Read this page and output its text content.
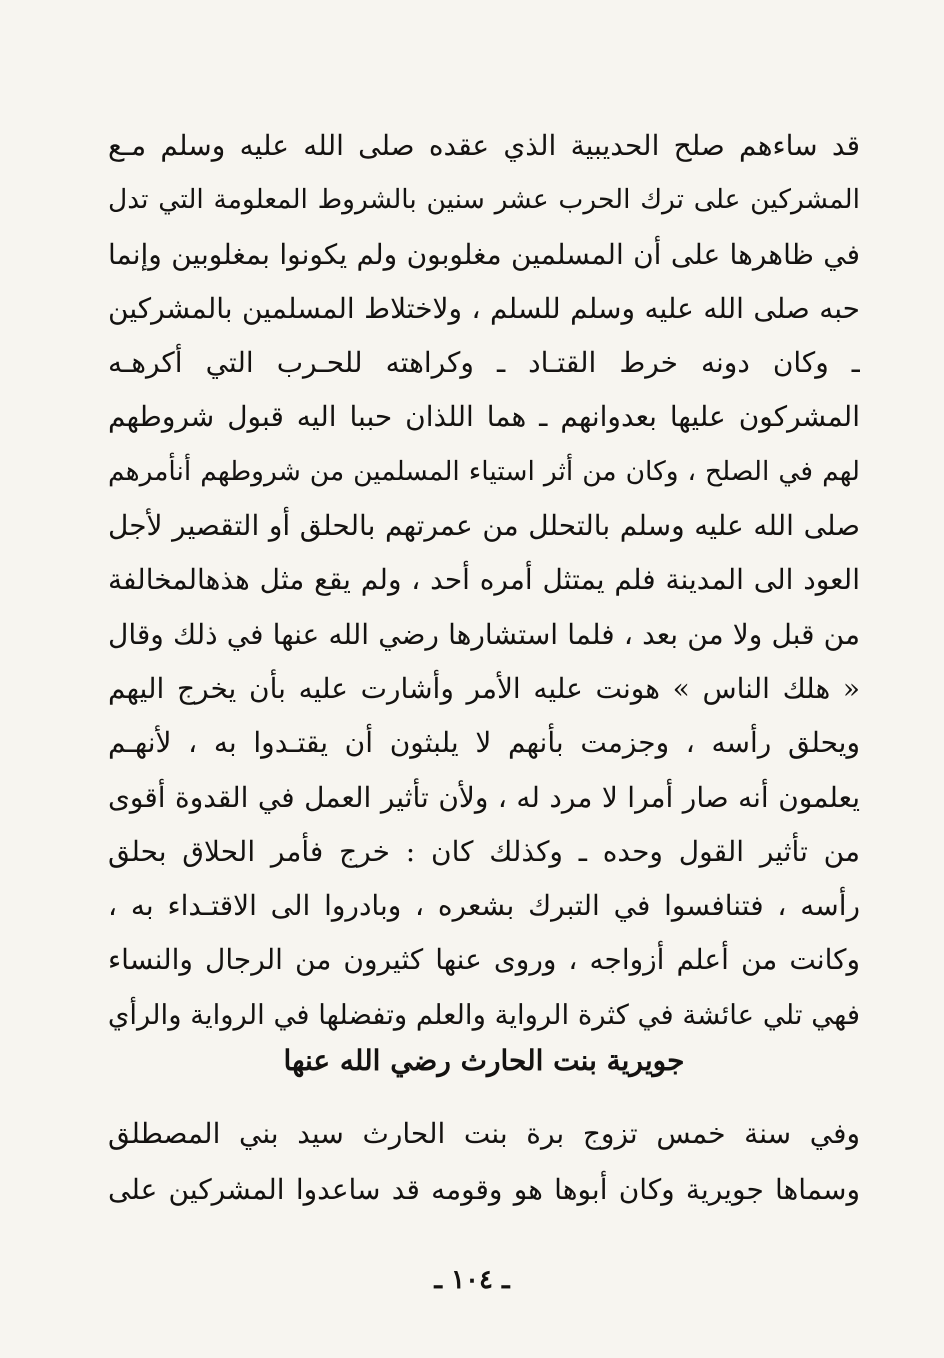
قد ساءهم صلح الحديبية الذي عقده صلى الله عليه وسلم مـع
المشركين على ترك الحرب عشر سنين بالشروط المعلومة التي تدل
في ظاهرها على أن المسلمين مغلوبون ولم يكونوا بمغلوبين وإنما
حبه صلى الله عليه وسلم للسلم ، ولاختلاط المسلمين بالمشركين
ـ وكان دونه خرط القتـاد ـ وكراهته للحـرب التي أكرهـه
المشركون عليها بعدوانهم ـ هما اللذان حببا اليه قبول شروطهم
لهم في الصلح ، وكان من أثر استياء المسلمين من شروطهم أنأمرهم
صلى الله عليه وسلم بالتحلل من عمرتهم بالحلق أو التقصير لأجل
العود الى المدينة فلم يمتثل أمره أحد ، ولم يقع مثل هذهالمخالفة
من قبل ولا من بعد ، فلما استشارها رضي الله عنها في ذلك وقال
« هلك الناس » هونت عليه الأمر وأشارت عليه بأن يخرج اليهم
ويحلق رأسه ، وجزمت بأنهم لا يلبثون أن يقتـدوا به ، لأنهـم
يعلمون أنه صار أمرا لا مرد له ، ولأن تأثير العمل في القدوة أقوى
من تأثير القول وحده ـ وكذلك كان : خرج فأمر الحلاق بحلق
رأسه ، فتنافسوا في التبرك بشعره ، وبادروا الى الاقتـداء به ،
وكانت من أعلم أزواجه ، وروى عنها كثيرون من الرجال والنساء
فهي تلي عائشة في كثرة الرواية والعلم وتفضلها في الرواية والرأي
جويرية بنت الحارث رضي الله عنها
وفي سنة خمس تزوج برة بنت الحارث سيد بني المصطلق
وسماها جويرية وكان أبوها هو وقومه قد ساعدوا المشركين على
ـ ١٠٤ ـ
